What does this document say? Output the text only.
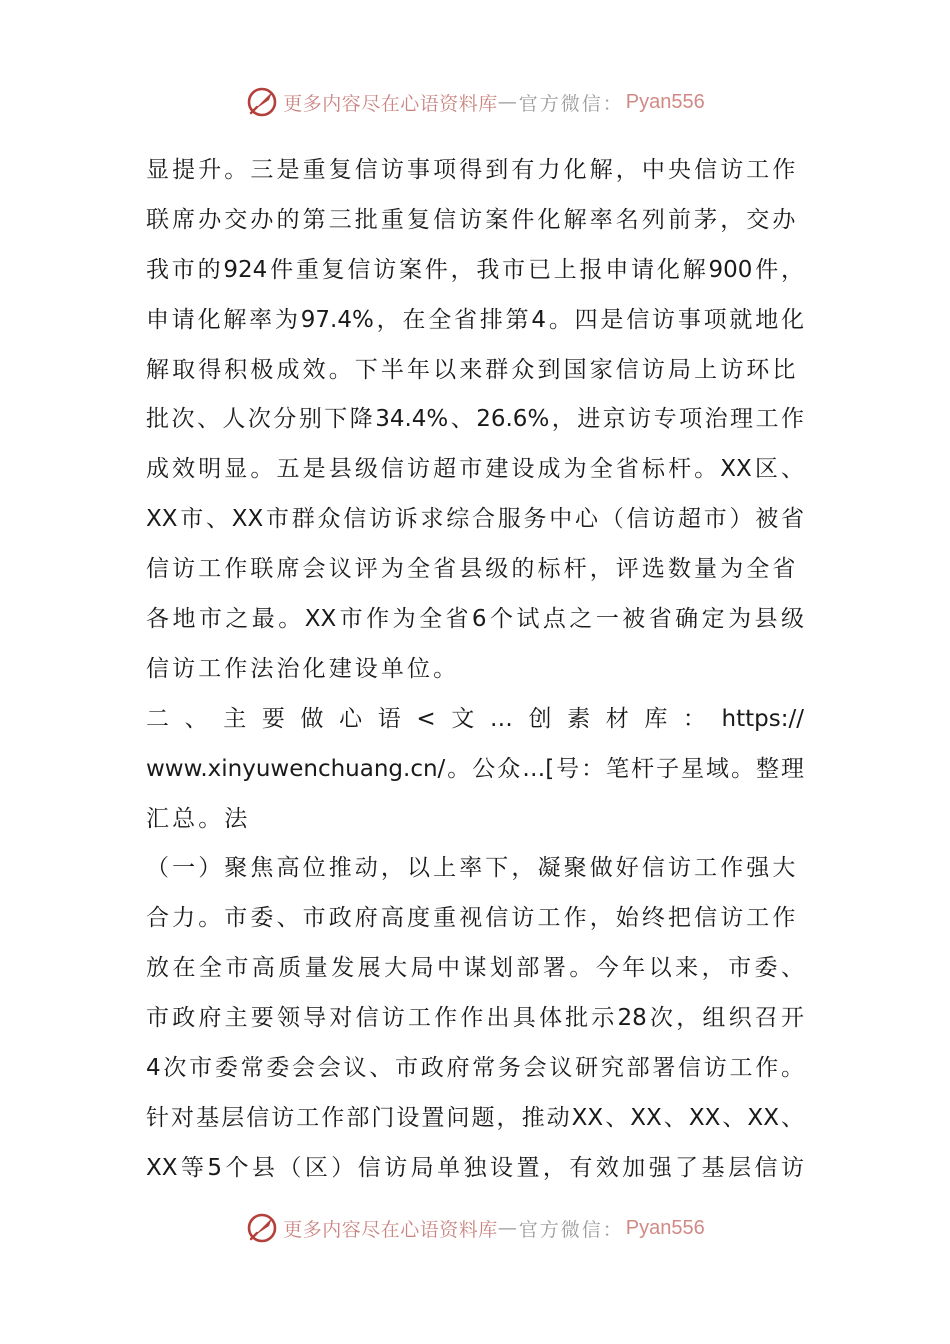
更多内容尽在心语资料库 — 官方微信： Pyan556
显提升。三是重复信访事项得到有力化解，中央信访工作
联席办交办的第三批重复信访案件化解率名列前茅，交办
我市的924件重复信访案件，我市已上报申请化解900件，
申请化解率为97.4%，在全省排第4。四是信访事项就地化
解取得积极成效。下半年以来群众到国家信访局上访环比
批次、人次分别下降34.4%、26.6%，进京访专项治理工作
成效明显。五是县级信访超市建设成为全省标杆。XX区、
XX市、XX市群众信访诉求综合服务中心（信访超市）被省
信访工作联席会议评为全省县级的标杆，评选数量为全省
各地市之最。XX市作为全省6个试点之一被省确定为县级
信访工作法治化建设单位。
二、主要做心语<文…创素材库：https://
www.xinyuwenchuang.cn/。公众…[号：笔杆子星域。整理
汇总。法
（一）聚焦高位推动，以上率下，凝聚做好信访工作强大
合力。市委、市政府高度重视信访工作，始终把信访工作
放在全市高质量发展大局中谋划部署。今年以来，市委、
市政府主要领导对信访工作作出具体批示28次，组织召开
4次市委常委会会议、市政府常务会议研究部署信访工作。
针对基层信访工作部门设置问题，推动XX、XX、XX、XX、
XX等5个县（区）信访局单独设置，有效加强了基层信访
更多内容尽在心语资料库 — 官方微信： Pyan556
